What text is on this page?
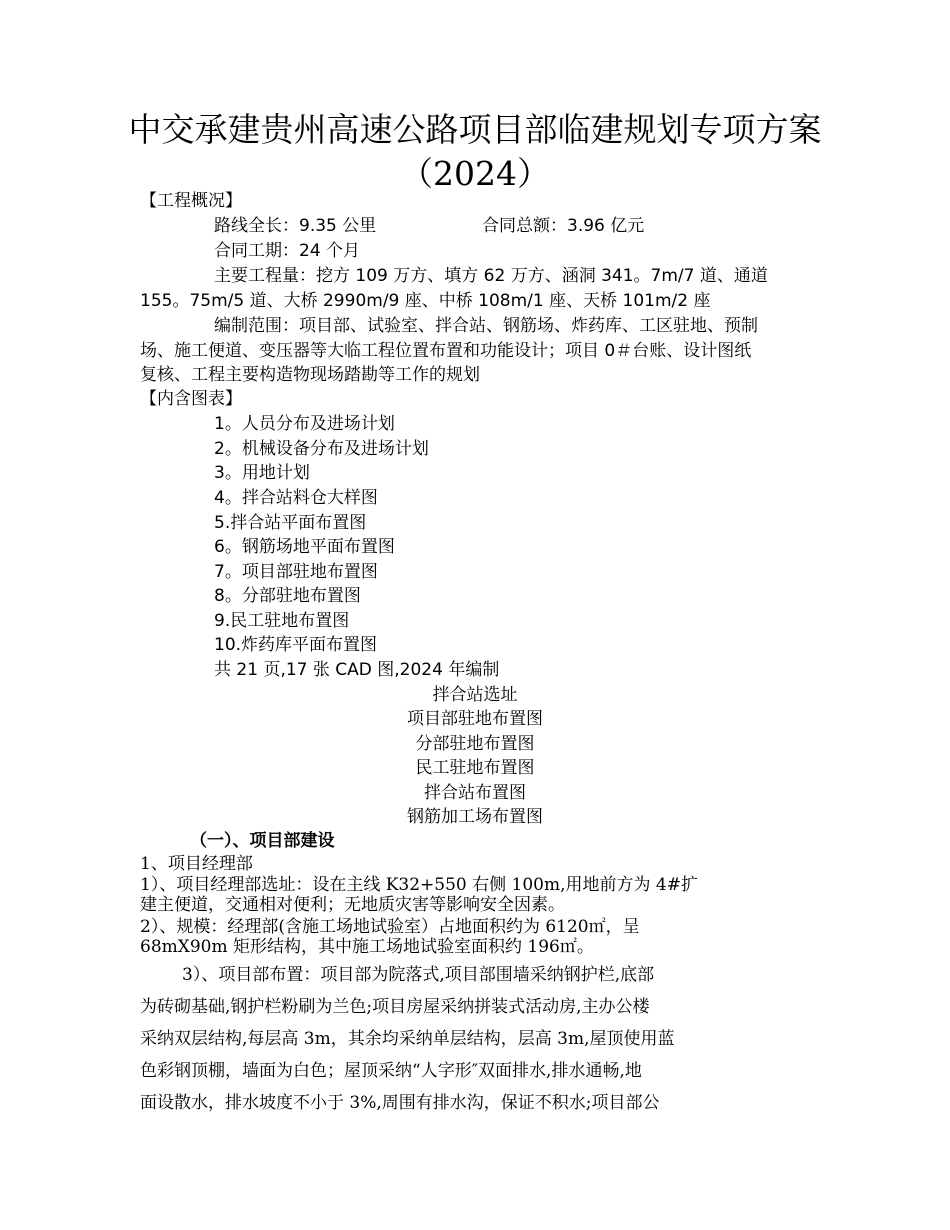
中交承建贵州高速公路项目部临建规划专项方案（2024）
【工程概况】
路线全长：9.35 公里	合同总额：3.96 亿元
合同工期：24 个月
主要工程量：挖方 109 万方、填方 62 万方、涵洞 341。7m/7 道、通道
155。75m/5 道、大桥 2990m/9 座、中桥 108m/1 座、天桥 101m/2 座
编制范围：项目部、试验室、拌合站、钢筋场、炸药库、工区驻地、预制
场、施工便道、变压器等大临工程位置布置和功能设计；项目 0＃台账、设计图纸
复核、工程主要构造物现场踏勘等工作的规划
【内含图表】
1。人员分布及进场计划
2。机械设备分布及进场计划
3。用地计划
4。拌合站料仓大样图
5.拌合站平面布置图
6。钢筋场地平面布置图
7。项目部驻地布置图
8。分部驻地布置图
9.民工驻地布置图
10.炸药库平面布置图
共 21 页,17 张 CAD 图,2024 年编制
拌合站选址
项目部驻地布置图
分部驻地布置图
民工驻地布置图
拌合站布置图
钢筋加工场布置图
（一）、项目部建设
1、项目经理部
1）、项目经理部选址：设在主线 K32+550 右侧 100m,用地前方为 4#扩
建主便道，交通相对便利；无地质灾害等影响安全因素。
2）、规模：经理部(含施工场地试验室）占地面积约为 6120㎡，呈
68mX90m 矩形结构，其中施工场地试验室面积约 196㎡。
3）、项目部布置：项目部为院落式,项目部围墙采纳钢护栏,底部
为砖砌基础,钢护栏粉刷为兰色;项目房屋采纳拼装式活动房,主办公楼
采纳双层结构,每层高 3m，其余均采纳单层结构，层高 3m,屋顶使用蓝
色彩钢顶棚，墙面为白色；屋顶采纳“人字形″双面排水,排水通畅,地
面设散水，排水坡度不小于 3%,周围有排水沟，保证不积水;项目部公
